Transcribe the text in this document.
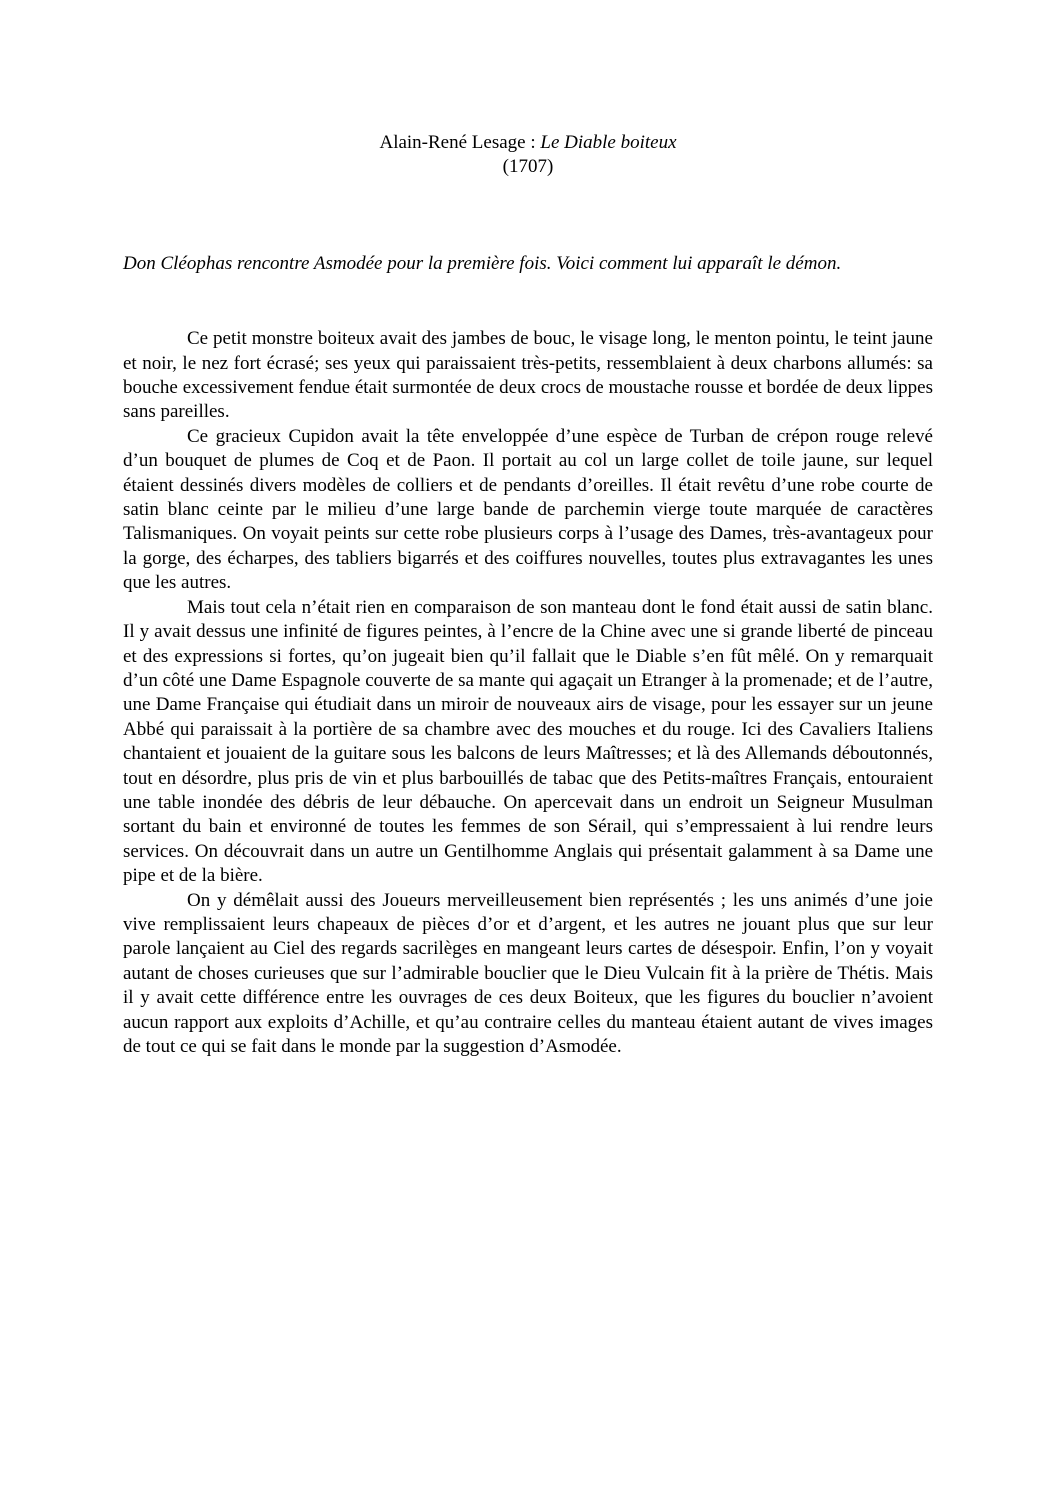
Alain-René Lesage : Le Diable boiteux
(1707)

Don Cléophas rencontre Asmodée pour la première fois. Voici comment lui apparaît le démon.

Ce petit monstre boiteux avait des jambes de bouc, le visage long, le menton pointu, le teint jaune et noir, le nez fort écrasé; ses yeux qui paraissaient très-petits, ressemblaient à deux charbons allumés: sa bouche excessivement fendue était surmontée de deux crocs de moustache rousse et bordée de deux lippes sans pareilles.

Ce gracieux Cupidon avait la tête enveloppée d’une espèce de Turban de crépon rouge relevé d’un bouquet de plumes de Coq et de Paon. Il portait au col un large collet de toile jaune, sur lequel étaient dessinés divers modèles de colliers et de pendants d’oreilles. Il était revêtu d’une robe courte de satin blanc ceinte par le milieu d’une large bande de parchemin vierge toute marquée de caractères Talismaniques. On voyait peints sur cette robe plusieurs corps à l’usage des Dames, très-avantageux pour la gorge, des écharpes, des tabliers bigarrés et des coiffures nouvelles, toutes plus extravagantes les unes que les autres.

Mais tout cela n’était rien en comparaison de son manteau dont le fond était aussi de satin blanc. Il y avait dessus une infinité de figures peintes, à l’encre de la Chine avec une si grande liberté de pinceau et des expressions si fortes, qu’on jugeait bien qu’il fallait que le Diable s’en fût mêlé. On y remarquait d’un côté une Dame Espagnole couverte de sa mante qui agaçait un Etranger à la promenade; et de l’autre, une Dame Française qui étudiait dans un miroir de nouveaux airs de visage, pour les essayer sur un jeune Abbé qui paraissait à la portière de sa chambre avec des mouches et du rouge. Ici des Cavaliers Italiens chantaient et jouaient de la guitare sous les balcons de leurs Maîtresses; et là des Allemands déboutonnés, tout en désordre, plus pris de vin et plus barbouillés de tabac que des Petits-maîtres Français, entouraient une table inondée des débris de leur débauche. On apercevait dans un endroit un Seigneur Musulman sortant du bain et environné de toutes les femmes de son Sérail, qui s’empressaient à lui rendre leurs services. On découvrait dans un autre un Gentilhomme Anglais qui présentait galamment à sa Dame une pipe et de la bière.

On y démêlait aussi des Joueurs merveilleusement bien représentés ; les uns animés d’une joie vive remplissaient leurs chapeaux de pièces d’or et d’argent, et les autres ne jouant plus que sur leur parole lançaient au Ciel des regards sacrilèges en mangeant leurs cartes de désespoir. Enfin, l’on y voyait autant de choses curieuses que sur l’admirable bouclier que le Dieu Vulcain fit à la prière de Thétis. Mais il y avait cette différence entre les ouvrages de ces deux Boiteux, que les figures du bouclier n’avoient aucun rapport aux exploits d’Achille, et qu’au contraire celles du manteau étaient autant de vives images de tout ce qui se fait dans le monde par la suggestion d’Asmodée.
